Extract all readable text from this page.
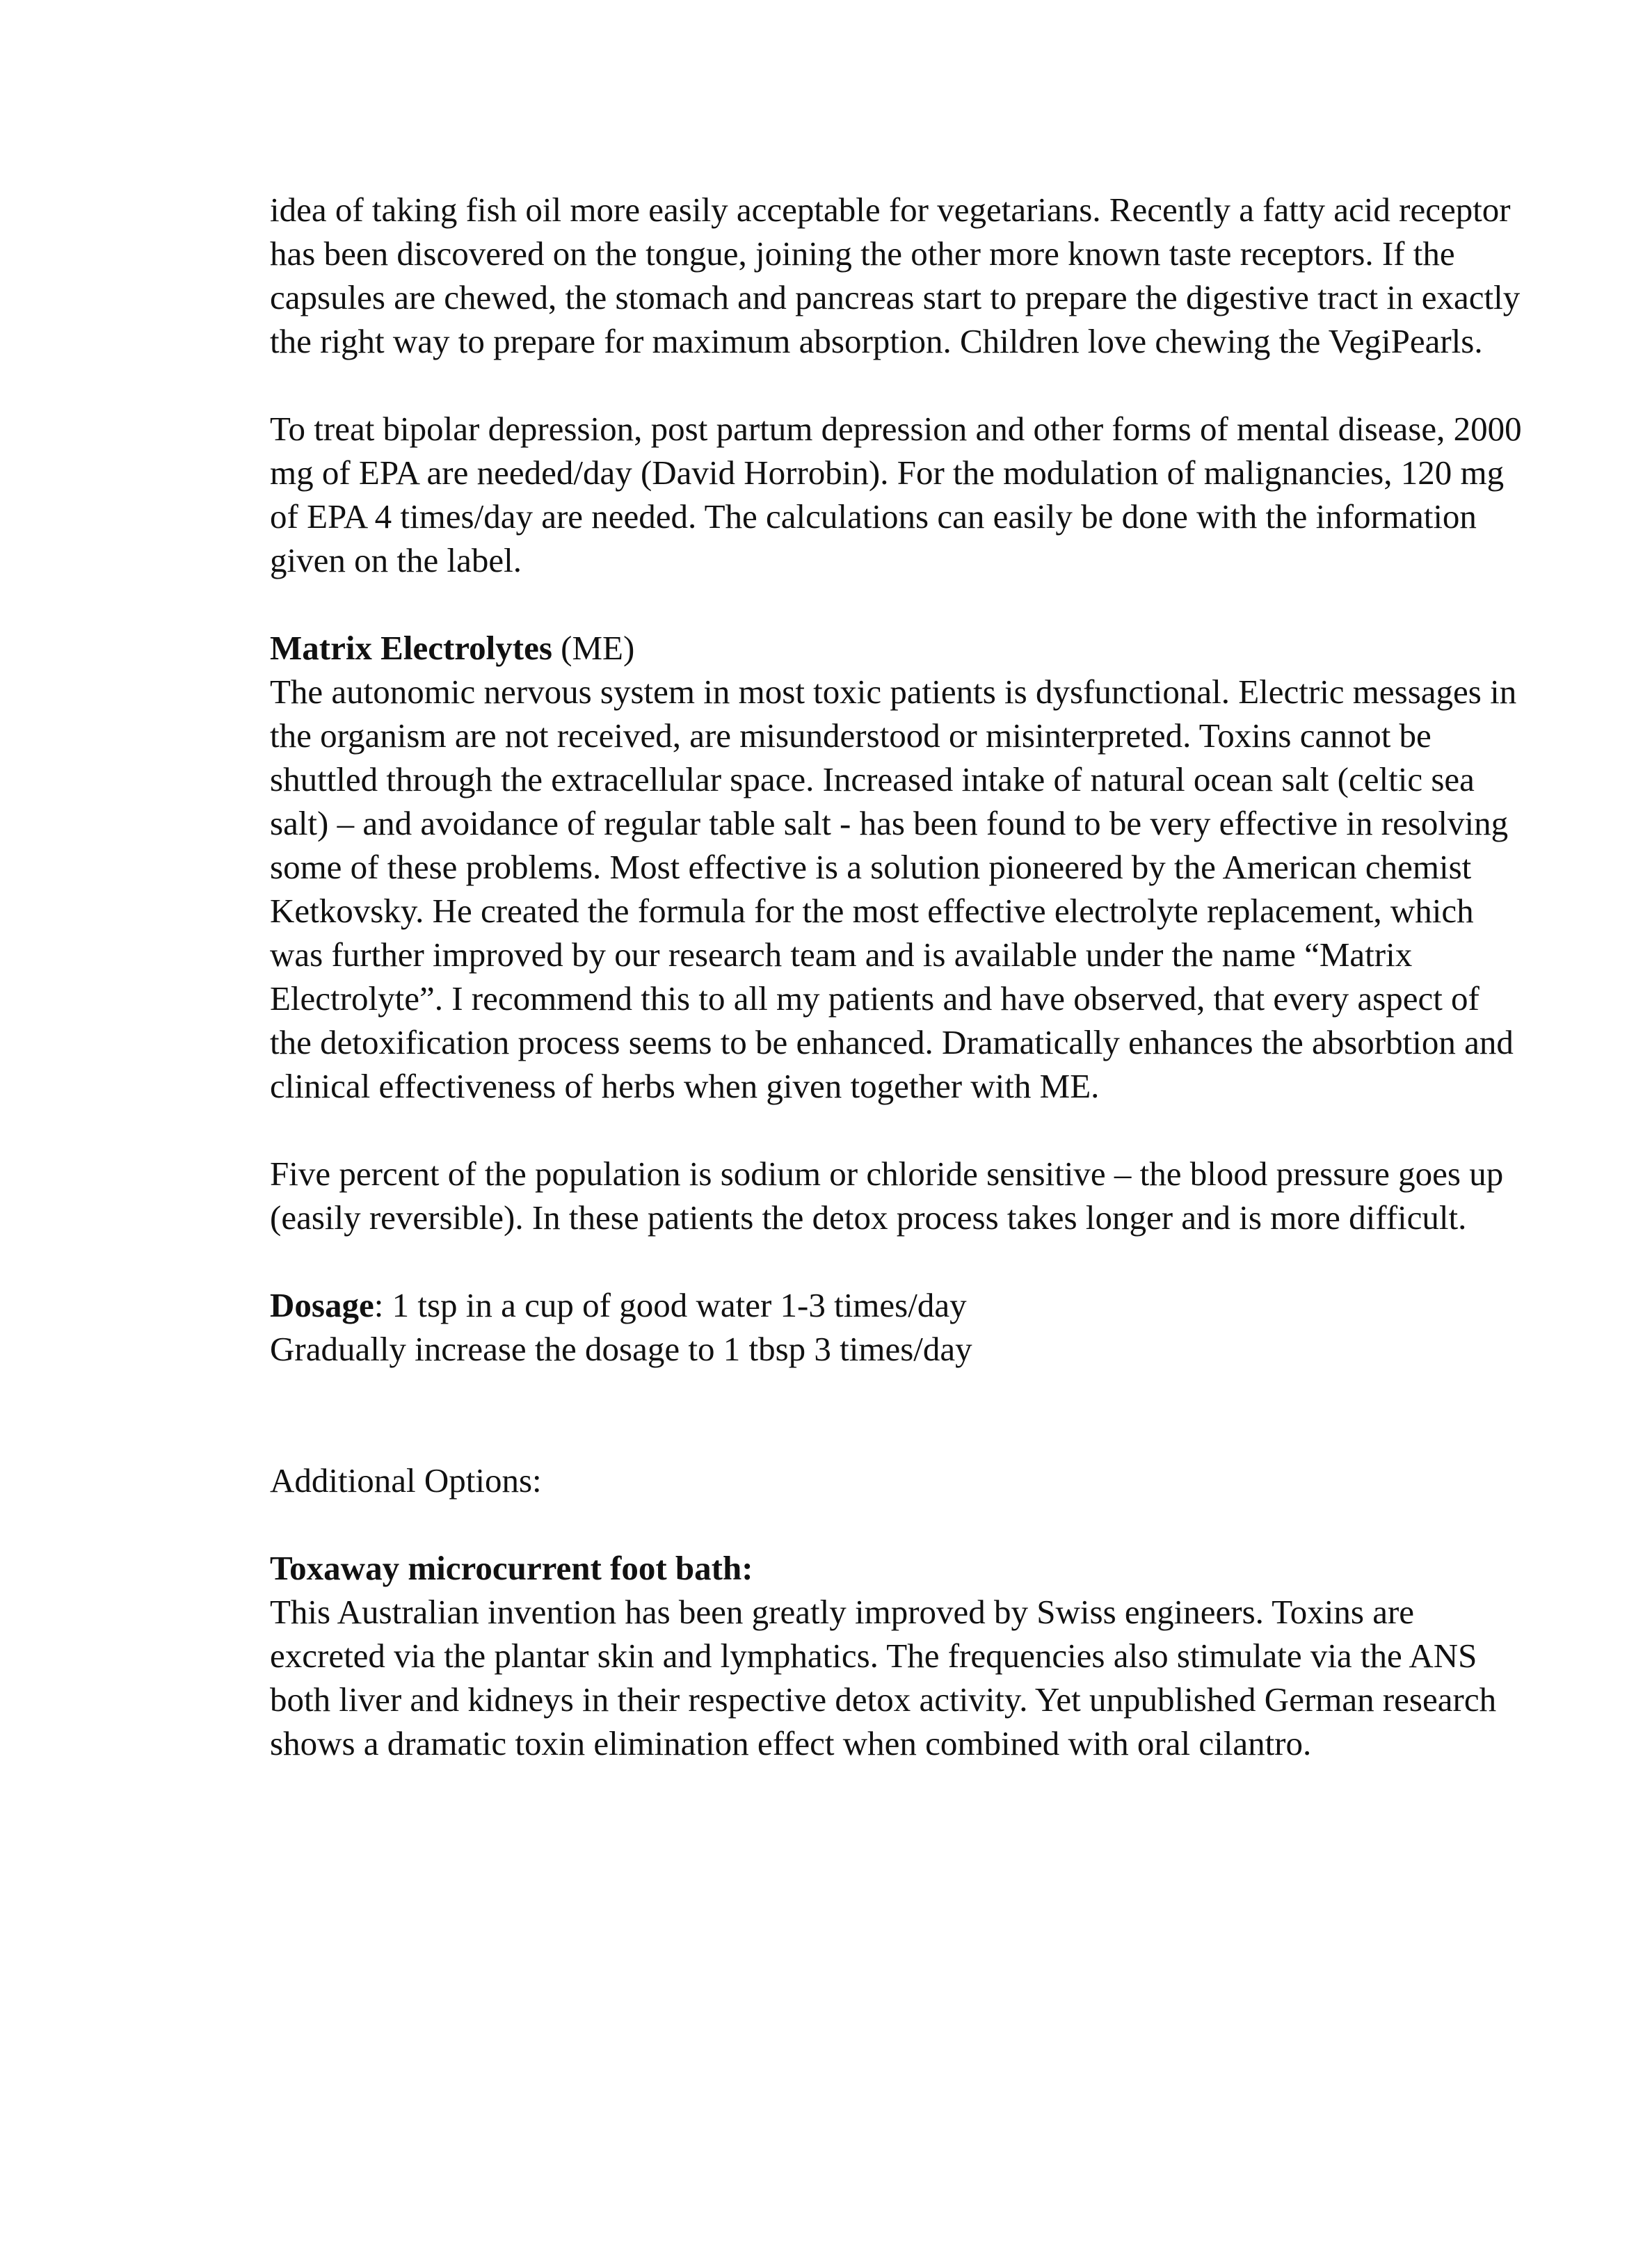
idea of taking fish oil more easily acceptable for vegetarians. Recently a fatty acid receptor has been discovered on the tongue, joining the other more known taste receptors. If the capsules are chewed, the stomach and pancreas start to prepare the digestive tract in exactly the right way to prepare for maximum absorption. Children love chewing the VegiPearls.

To treat bipolar depression, post partum depression and other forms of mental disease, 2000 mg of EPA are needed/day (David Horrobin). For the modulation of malignancies, 120 mg of EPA 4 times/day are needed. The calculations can easily be done with the information given on the label.

Matrix Electrolytes (ME)

The autonomic nervous system in most toxic patients is dysfunctional. Electric messages in the organism are not received, are misunderstood or misinterpreted. Toxins cannot be shuttled through the extracellular space. Increased intake of natural ocean salt (celtic sea salt) – and avoidance of regular table salt - has been found to be very effective in resolving some of these problems. Most effective is a solution pioneered by the American chemist Ketkovsky. He created the formula for the most effective electrolyte replacement, which was further improved by our research team and is available under the name “Matrix Electrolyte”. I recommend this to all my patients and have observed, that every aspect of the detoxification process seems to be enhanced. Dramatically enhances the absorbtion and clinical effectiveness of herbs when given together with ME.

Five percent of the population is sodium or chloride sensitive – the blood pressure goes up (easily reversible). In these patients the detox process takes longer and is more difficult.

Dosage: 1 tsp in a cup of good water 1-3 times/day

Gradually increase the dosage to 1 tbsp 3 times/day

Additional Options:

Toxaway microcurrent foot bath:

This Australian invention has been greatly improved by Swiss engineers. Toxins are excreted via the plantar skin and lymphatics. The frequencies also stimulate via the ANS both liver and kidneys in their respective detox activity. Yet unpublished German research shows a dramatic toxin elimination effect when combined with oral cilantro.
